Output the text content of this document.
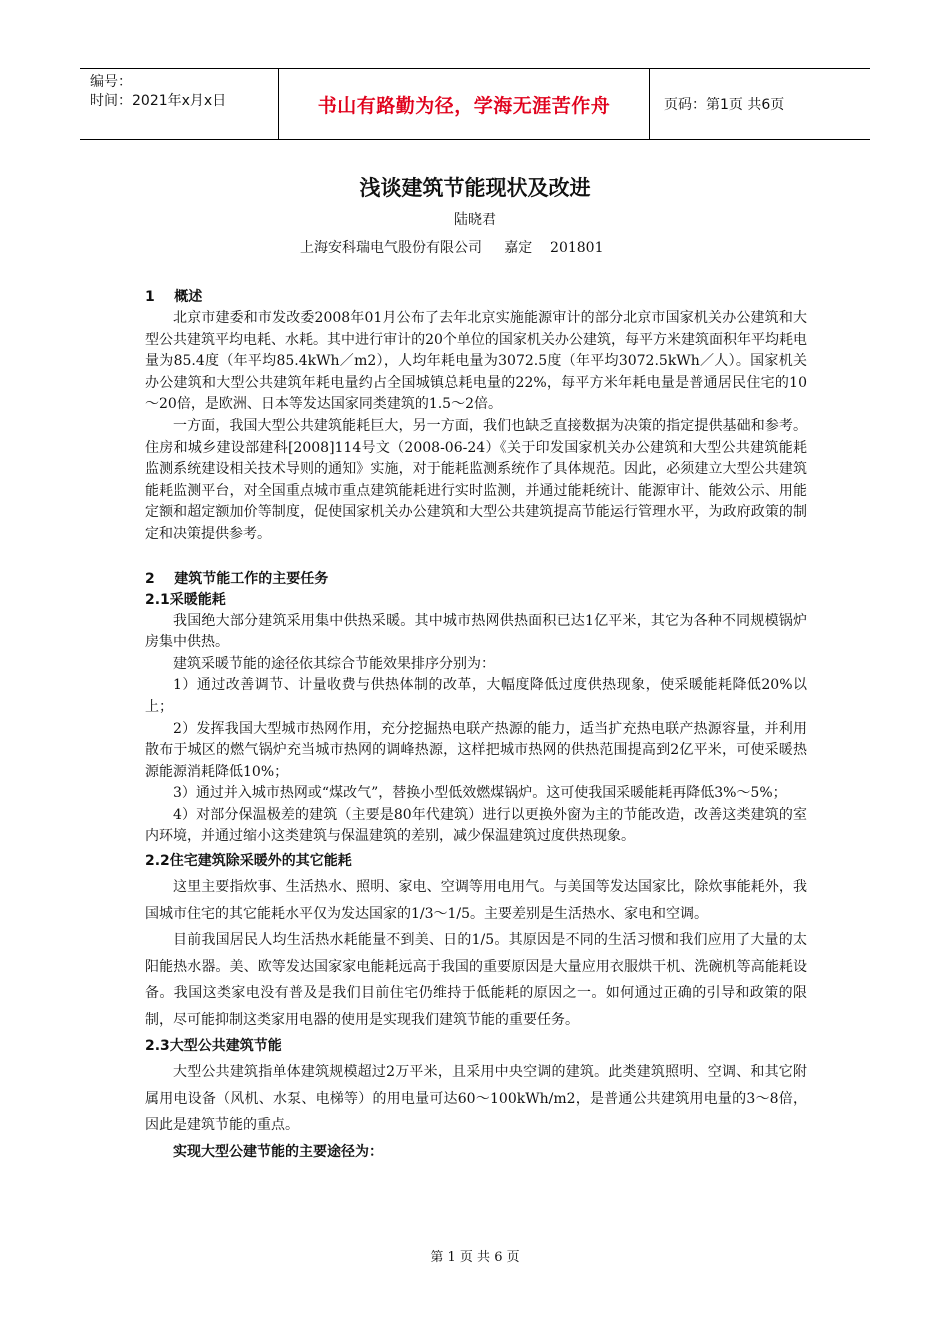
编号：
时间：2021年x月x日	书山有路勤为径，学海无涯苦作舟	页码：第1页 共6页
浅谈建筑节能现状及改进
陆晓君
上海安科瑞电气股份有限公司     嘉定    201801

1    概述

北京市建委和市发改委2008年01月公布了去年北京实施能源审计的部分北京市国家机关办公建筑和大型公共建筑平均电耗、水耗。其中进行审计的20个单位的国家机关办公建筑，每平方米建筑面积年平均耗电量为85.4度（年平均85.4kWh／m2），人均年耗电量为3072.5度（年平均3072.5kWh／人）。国家机关办公建筑和大型公共建筑年耗电量约占全国城镇总耗电量的22%，每平方米年耗电量是普通居民住宅的10～20倍，是欧洲、日本等发达国家同类建筑的1.5～2倍。

一方面，我国大型公共建筑能耗巨大，另一方面，我们也缺乏直接数据为决策的指定提供基础和参考。住房和城乡建设部建科[2008]114号文（2008-06-24）《关于印发国家机关办公建筑和大型公共建筑能耗监测系统建设相关技术导则的通知》实施，对于能耗监测系统作了具体规范。因此，必须建立大型公共建筑能耗监测平台，对全国重点城市重点建筑能耗进行实时监测，并通过能耗统计、能源审计、能效公示、用能定额和超定额加价等制度，促使国家机关办公建筑和大型公共建筑提高节能运行管理水平，为政府政策的制定和决策提供参考。

2    建筑节能工作的主要任务

2.1采暖能耗

我国绝大部分建筑采用集中供热采暖。其中城市热网供热面积已达1亿平米，其它为各种不同规模锅炉房集中供热。

建筑采暖节能的途径依其综合节能效果排序分别为：

1）通过改善调节、计量收费与供热体制的改革，大幅度降低过度供热现象，使采暖能耗降低20%以上；

2）发挥我国大型城市热网作用，充分挖掘热电联产热源的能力，适当扩充热电联产热源容量，并利用散布于城区的燃气锅炉充当城市热网的调峰热源，这样把城市热网的供热范围提高到2亿平米，可使采暖热源能源消耗降低10%；

3）通过并入城市热网或“煤改气”，替换小型低效燃煤锅炉。这可使我国采暖能耗再降低3%～5%；

4）对部分保温极差的建筑（主要是80年代建筑）进行以更换外窗为主的节能改造，改善这类建筑的室内环境，并通过缩小这类建筑与保温建筑的差别，减少保温建筑过度供热现象。

2.2住宅建筑除采暖外的其它能耗

这里主要指炊事、生活热水、照明、家电、空调等用电用气。与美国等发达国家比，除炊事能耗外，我国城市住宅的其它能耗水平仅为发达国家的1/3～1/5。主要差别是生活热水、家电和空调。

目前我国居民人均生活热水耗能量不到美、日的1/5。其原因是不同的生活习惯和我们应用了大量的太阳能热水器。美、欧等发达国家家电能耗远高于我国的重要原因是大量应用衣服烘干机、洗碗机等高能耗设备。我国这类家电没有普及是我们目前住宅仍维持于低能耗的原因之一。如何通过正确的引导和政策的限制，尽可能抑制这类家用电器的使用是实现我们建筑节能的重要任务。

2.3大型公共建筑节能

大型公共建筑指单体建筑规模超过2万平米，且采用中央空调的建筑。此类建筑照明、空调、和其它附属用电设备（风机、水泵、电梯等）的用电量可达60～100kWh/m2，是普通公共建筑用电量的3～8倍，因此是建筑节能的重点。

实现大型公建节能的主要途径为：

第 1 页 共 6 页
